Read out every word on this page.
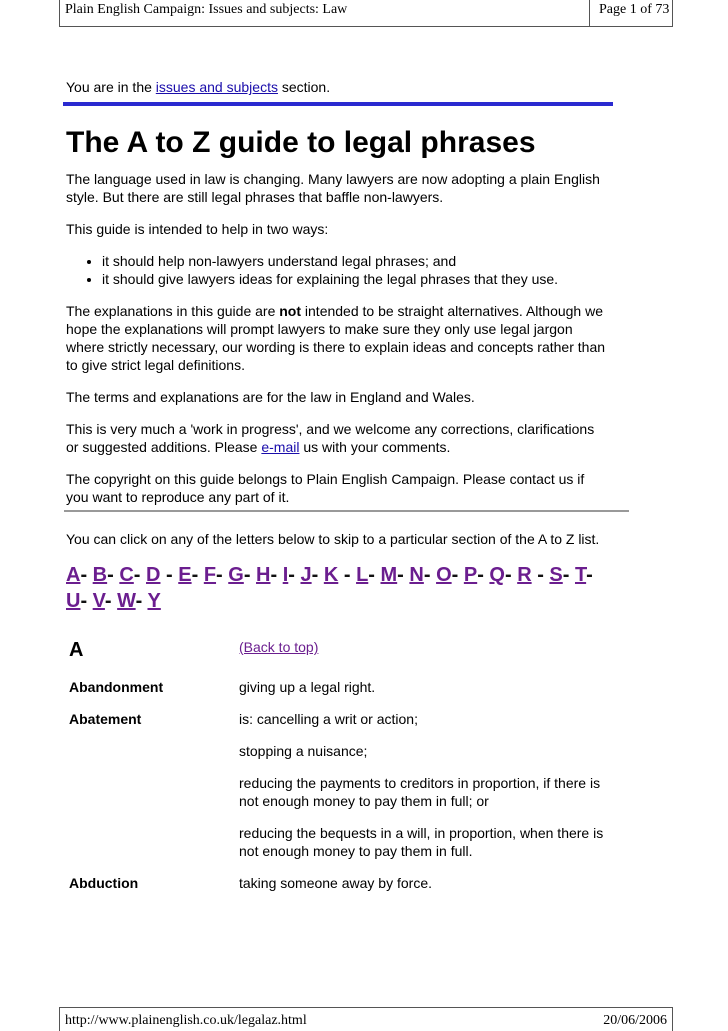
Plain English Campaign: Issues and subjects: Law	Page 1 of 73
You are in the issues and subjects section.
The A to Z guide to legal phrases

The language used in law is changing. Many lawyers are now adopting a plain English style. But there are still legal phrases that baffle non-lawyers.

This guide is intended to help in two ways:

• it should help non-lawyers understand legal phrases; and
• it should give lawyers ideas for explaining the legal phrases that they use.

The explanations in this guide are not intended to be straight alternatives. Although we hope the explanations will prompt lawyers to make sure they only use legal jargon where strictly necessary, our wording is there to explain ideas and concepts rather than to give strict legal definitions.

The terms and explanations are for the law in England and Wales.

This is very much a 'work in progress', and we welcome any corrections, clarifications or suggested additions. Please e-mail us with your comments.

The copyright on this guide belongs to Plain English Campaign. Please contact us if you want to reproduce any part of it.

You can click on any of the letters below to skip to a particular section of the A to Z list.

A- B- C- D - E- F- G- H- I- J- K - L- M- N- O- P- Q- R - S- T- U- V- W- Y
A	(Back to top)
Abandonment	giving up a legal right.

Abatement	is: cancelling a writ or action;

stopping a nuisance;

reducing the payments to creditors in proportion, if there is not enough money to pay them in full; or

reducing the bequests in a will, in proportion, when there is not enough money to pay them in full.

Abduction	taking someone away by force.

http://www.plainenglish.co.uk/legalaz.html	20/06/2006
